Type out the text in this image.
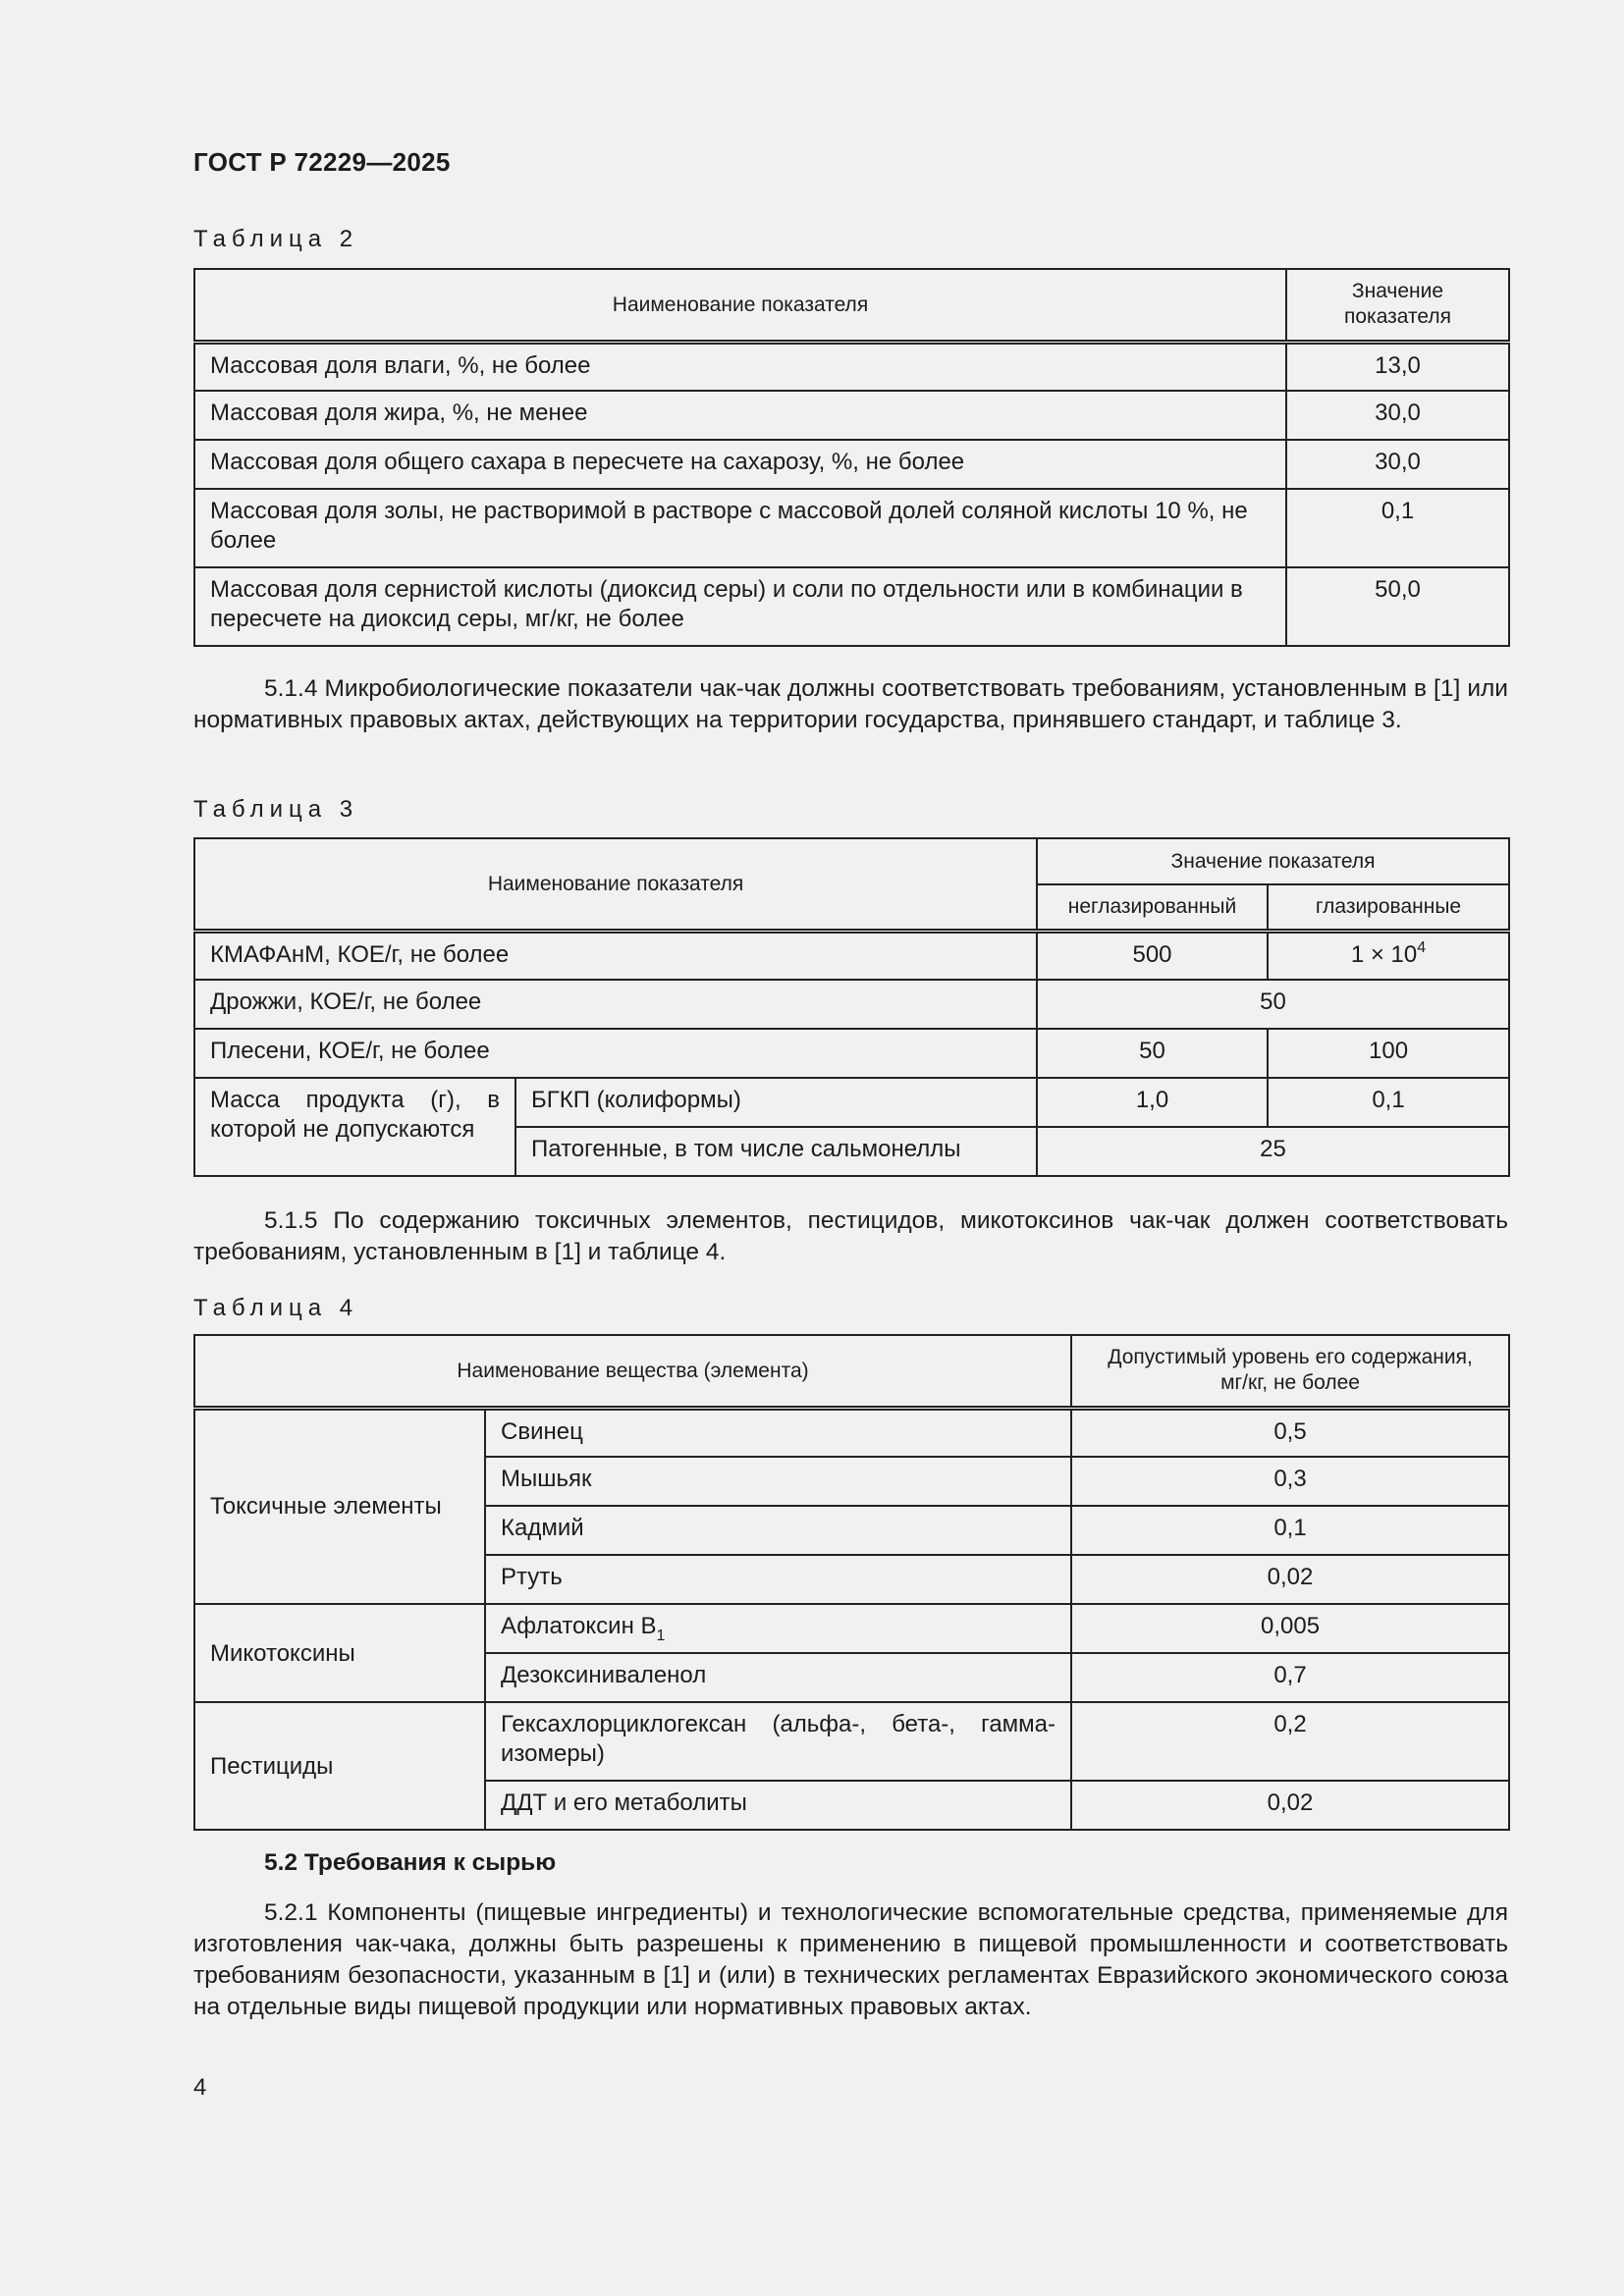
ГОСТ Р 72229—2025
Таблица 2
Наименование показателя	Значение показателя
Массовая доля влаги, %, не более	13,0
Массовая доля жира, %, не менее	30,0
Массовая доля общего сахара в пересчете на сахарозу, %, не более	30,0
Массовая доля золы, не растворимой в растворе с массовой долей соляной кислоты 10 %, не более	0,1
Массовая доля сернистой кислоты (диоксид серы) и соли по отдельности или в комбинации в пересчете на диоксид серы, мг/кг, не более	50,0
5.1.4 Микробиологические показатели чак-чак должны соответствовать требованиям, установленным в [1] или нормативных правовых актах, действующих на территории государства, принявшего стандарт, и таблице 3.
Таблица 3
Наименование показателя		Значение показателя	
		неглазированный	глазированные
КМАФАнМ, КОЕ/г, не более		500	$1 \times 10^4$
Дрожжи, КОЕ/г, не более		50	
Плесени, КОЕ/г, не более		50	100
Масса продукта (г), в которой не допускаются	БГКП (колиформы)	1,0	0,1
	Патогенные, в том числе сальмонеллы	25	
5.1.5 По содержанию токсичных элементов, пестицидов, микотоксинов чак-чак должен соответствовать требованиям, установленным в [1] и таблице 4.
Таблица 4
Наименование вещества (элемента)		Допустимый уровень его содержания, мг/кг, не более
Токсичные элементы	Свинец	0,5
	Мышьяк	0,3
	Кадмий	0,1
	Ртуть	0,02
Микотоксины	Афлатоксин $B_1$	0,005
	Дезоксиниваленол	0,7
Пестициды	Гексахлорциклогексан (альфа-, бета-, гамма-изомеры)	0,2
	ДДТ и его метаболиты	0,02
5.2 Требования к сырью
5.2.1 Компоненты (пищевые ингредиенты) и технологические вспомогательные средства, применяемые для изготовления чак-чака, должны быть разрешены к применению в пищевой промышленности и соответствовать требованиям безопасности, указанным в [1] и (или) в технических регламентах Евразийского экономического союза на отдельные виды пищевой продукции или нормативных правовых актах.
4
